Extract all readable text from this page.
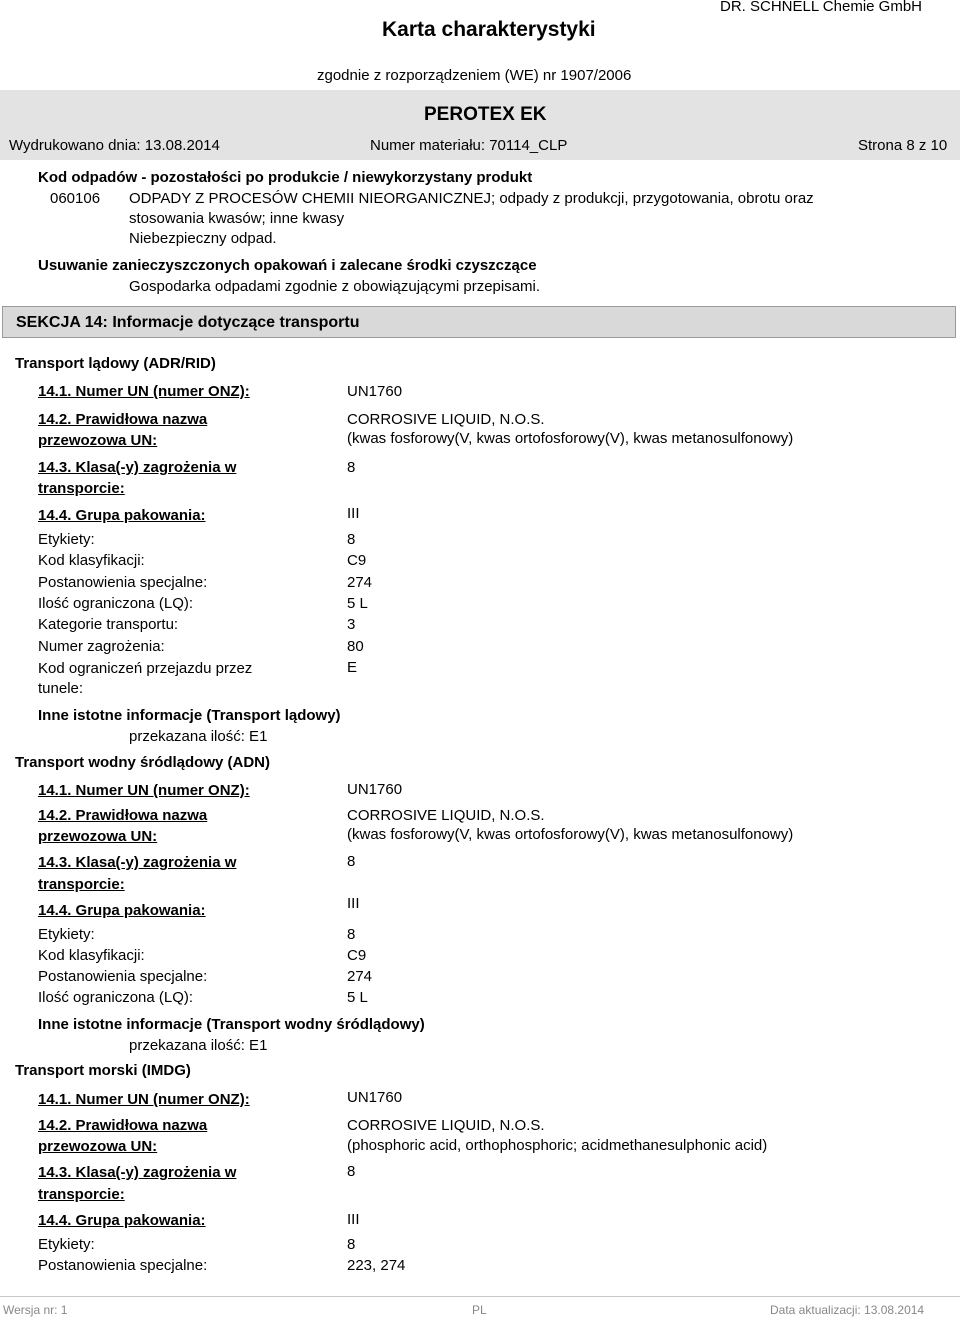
Karta charakterystyki
DR. SCHNELL Chemie GmbH
zgodnie z rozporządzeniem (WE) nr 1907/2006
PEROTEX EK
Wydrukowano dnia: 13.08.2014	Numer materiału: 70114_CLP	Strona 8 z 10
Kod odpadów - pozostałości po produkcie / niewykorzystany produkt
060106 ODPADY Z PROCESÓW CHEMII NIEORGANICZNEJ; odpady z produkcji, przygotowania, obrotu oraz
stosowania kwasów; inne kwasy
Niebezpieczny odpad.
Usuwanie zanieczyszczonych opakowań i zalecane środki czyszczące
Gospodarka odpadami zgodnie z obowiązującymi przepisami.
SEKCJA 14: Informacje dotyczące transportu
Transport lądowy (ADR/RID)
14.1. Numer UN (numer ONZ):	UN1760
14.2. Prawidłowa nazwa
przewozowa UN:
CORROSIVE LIQUID, N.O.S.
(kwas fosforowy(V, kwas ortofosforowy(V), kwas metanosulfonowy)
14.3. Klasa(-y) zagrożenia w
transporcie:
8
14.4. Grupa pakowania:	III
Etykiety:	8
Kod klasyfikacji:	C9
Postanowienia specjalne:	274
Ilość ograniczona (LQ):	5 L
Kategorie transportu:	3
Numer zagrożenia:	80
Kod ograniczeń przejazdu przez
tunele:
E
Inne istotne informacje (Transport lądowy)
przekazana ilość: E1
Transport wodny śródlądowy (ADN)
14.1. Numer UN (numer ONZ):	UN1760
14.2. Prawidłowa nazwa
przewozowa UN:
CORROSIVE LIQUID, N.O.S.
(kwas fosforowy(V, kwas ortofosforowy(V), kwas metanosulfonowy)
14.3. Klasa(-y) zagrożenia w
transporcie:
8
14.4. Grupa pakowania:	III
Etykiety:	8
Kod klasyfikacji:	C9
Postanowienia specjalne:	274
Ilość ograniczona (LQ):	5 L
Inne istotne informacje (Transport wodny śródlądowy)
przekazana ilość: E1
Transport morski (IMDG)
14.1. Numer UN (numer ONZ):	UN1760
14.2. Prawidłowa nazwa
przewozowa UN:
CORROSIVE LIQUID, N.O.S.
(phosphoric acid, orthophosphoric; acidmethanesulphonic acid)
14.3. Klasa(-y) zagrożenia w
transporcie:
8
14.4. Grupa pakowania:	III
Etykiety:	8
Postanowienia specjalne:	223, 274
Wersja nr: 1	PL	Data aktualizacji: 13.08.2014
